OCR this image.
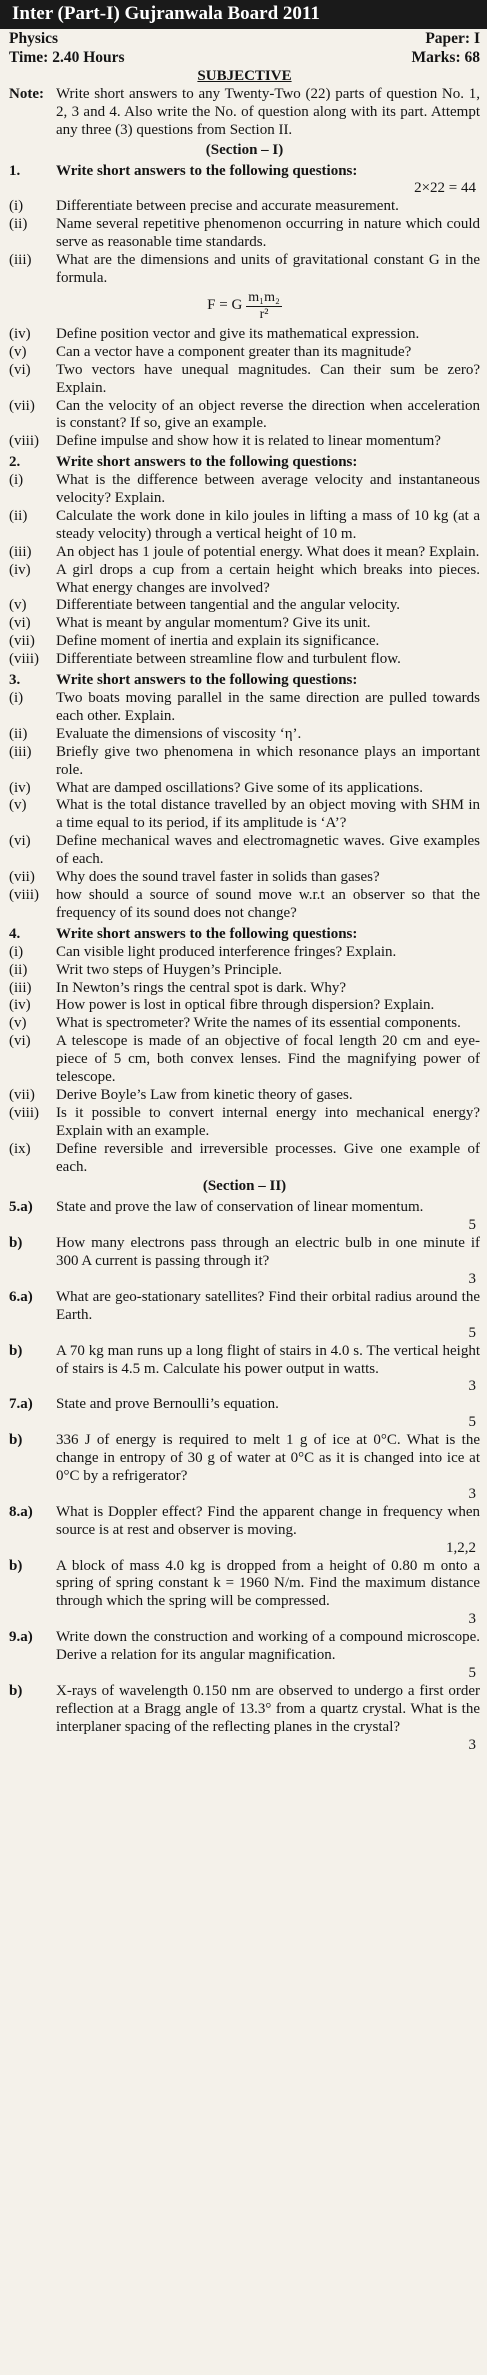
Inter (Part-I) Gujranwala Board 2011
Physics	Paper: I
Time: 2.40 Hours	Marks: 68
SUBJECTIVE
Note: Write short answers to any Twenty-Two (22) parts of question No. 1, 2, 3 and 4. Also write the No. of question along with its part. Attempt any three (3) questions from Section II.
(Section – I)
1.	Write short answers to the following questions:
2×22 = 44
(i)	Differentiate between precise and accurate measurement.
(ii)	Name several repetitive phenomenon occurring in nature which could serve as reasonable time standards.
(iii)	What are the dimensions and units of gravitational constant G in the formula.
F = G $\frac{\text{m₁m₂}}{\text{r²}}$
(iv)	Define position vector and give its mathematical expression.
(v)	Can a vector have a component greater than its magnitude?
(vi)	Two vectors have unequal magnitudes. Can their sum be zero? Explain.
(vii)	Can the velocity of an object reverse the direction when acceleration is constant? If so, give an example.
(viii)	Define impulse and show how it is related to linear momentum?
2.	Write short answers to the following questions:
(i)	What is the difference between average velocity and instantaneous velocity? Explain.
(ii)	Calculate the work done in kilo joules in lifting a mass of 10 kg (at a steady velocity) through a vertical height of 10 m.
(iii)	An object has 1 joule of potential energy. What does it mean? Explain.
(iv)	A girl drops a cup from a certain height which breaks into pieces. What energy changes are involved?
(v)	Differentiate between tangential and the angular velocity.
(vi)	What is meant by angular momentum? Give its unit.
(vii)	Define moment of inertia and explain its significance.
(viii)	Differentiate between streamline flow and turbulent flow.
3.	Write short answers to the following questions:
(i)	Two boats moving parallel in the same direction are pulled towards each other. Explain.
(ii)	Evaluate the dimensions of viscosity ‘η’.
(iii)	Briefly give two phenomena in which resonance plays an important role.
(iv)	What are damped oscillations? Give some of its applications.
(v)	What is the total distance travelled by an object moving with SHM in a time equal to its period, if its amplitude is ‘A’?
(vi)	Define mechanical waves and electromagnetic waves. Give examples of each.
(vii)	Why does the sound travel faster in solids than gases?
(viii)	how should a source of sound move w.r.t an observer so that the frequency of its sound does not change?
4.	Write short answers to the following questions:
(i)	Can visible light produced interference fringes? Explain.
(ii)	Writ two steps of Huygen’s Principle.
(iii)	In Newton’s rings the central spot is dark. Why?
(iv)	How power is lost in optical fibre through dispersion? Explain.
(v)	What is spectrometer? Write the names of its essential components.
(vi)	A telescope is made of an objective of focal length 20 cm and eye-piece of 5 cm, both convex lenses. Find the magnifying power of telescope.
(vii)	Derive Boyle’s Law from kinetic theory of gases.
(viii)	Is it possible to convert internal energy into mechanical energy? Explain with an example.
(ix)	Define reversible and irreversible processes. Give one example of each.
(Section – II)
5.a)	State and prove the law of conservation of linear momentum.
5
b)	How many electrons pass through an electric bulb in one minute if 300 A current is passing through it?
3
6.a)	What are geo-stationary satellites? Find their orbital radius around the Earth.
5
b)	A 70 kg man runs up a long flight of stairs in 4.0 s. The vertical height of stairs is 4.5 m. Calculate his power output in watts.
3
7.a)	State and prove Bernoulli’s equation.
5
b)	336 J of energy is required to melt 1 g of ice at 0°C. What is the change in entropy of 30 g of water at 0°C as it is changed into ice at 0°C by a refrigerator?
3
8.a)	What is Doppler effect? Find the apparent change in frequency when source is at rest and observer is moving.
1,2,2
b)	A block of mass 4.0 kg is dropped from a height of 0.80 m onto a spring of spring constant k = 1960 N/m. Find the maximum distance through which the spring will be compressed.
3
9.a)	Write down the construction and working of a compound microscope. Derive a relation for its angular magnification.
5
b)	X-rays of wavelength 0.150 nm are observed to undergo a first order reflection at a Bragg angle of 13.3° from a quartz crystal. What is the interplaner spacing of the reflecting planes in the crystal?
3
